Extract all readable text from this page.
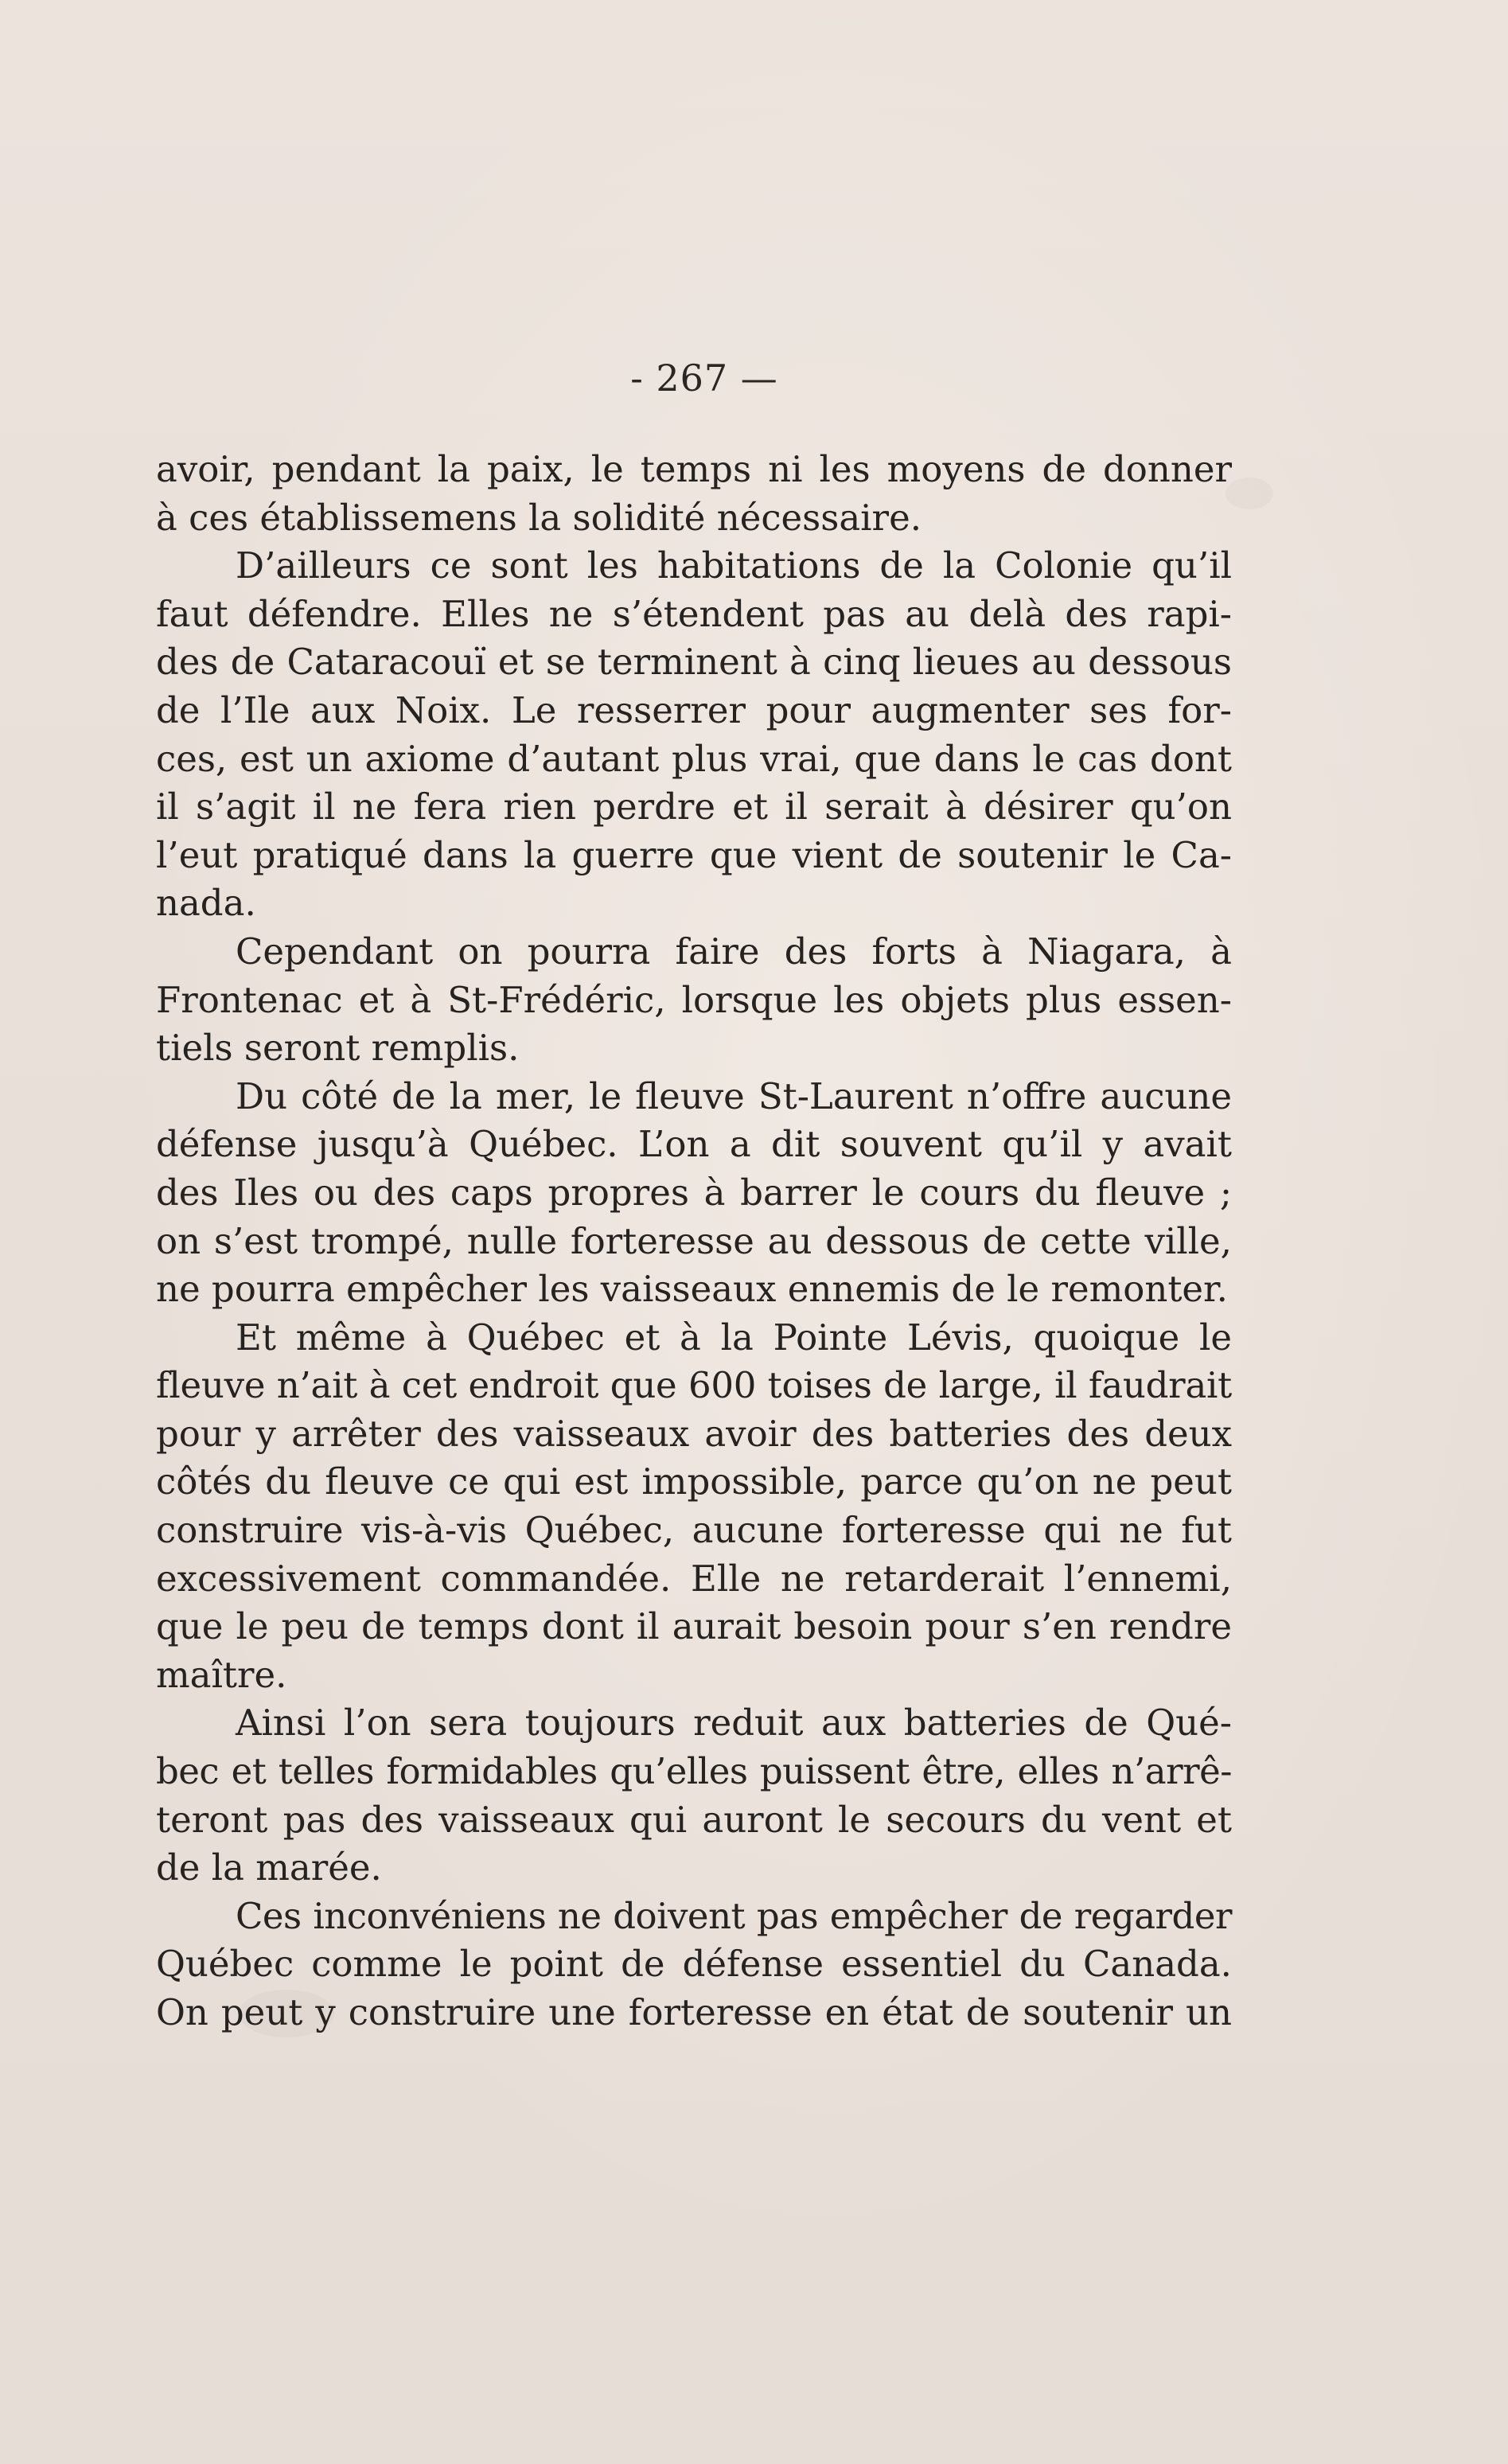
- 267 —
avoir, pendant la paix, le temps ni les moyens de donner
à ces établissemens la solidité nécessaire.
D’ailleurs ce sont les habitations de la Colonie qu’il
faut défendre. Elles ne s’étendent pas au delà des rapi-
des de Cataracouï et se terminent à cinq lieues au dessous
de l’Ile aux Noix. Le resserrer pour augmenter ses for-
ces, est un axiome d’autant plus vrai, que dans le cas dont
il s’agit il ne fera rien perdre et il serait à désirer qu’on
l’eut pratiqué dans la guerre que vient de soutenir le Ca-
nada.
Cependant on pourra faire des forts à Niagara, à
Frontenac et à St-Frédéric, lorsque les objets plus essen-
tiels seront remplis.
Du côté de la mer, le fleuve St-Laurent n’offre aucune
défense jusqu’à Québec. L’on a dit souvent qu’il y avait
des Iles ou des caps propres à barrer le cours du fleuve ;
on s’est trompé, nulle forteresse au dessous de cette ville,
ne pourra empêcher les vaisseaux ennemis de le remonter.
Et même à Québec et à la Pointe Lévis, quoique le
fleuve n’ait à cet endroit que 600 toises de large, il faudrait
pour y arrêter des vaisseaux avoir des batteries des deux
côtés du fleuve ce qui est impossible, parce qu’on ne peut
construire vis-à-vis Québec, aucune forteresse qui ne fut
excessivement commandée. Elle ne retarderait l’ennemi,
que le peu de temps dont il aurait besoin pour s’en rendre
maître.
Ainsi l’on sera toujours reduit aux batteries de Qué-
bec et telles formidables qu’elles puissent être, elles n’arrê-
teront pas des vaisseaux qui auront le secours du vent et
de la marée.
Ces inconvéniens ne doivent pas empêcher de regarder
Québec comme le point de défense essentiel du Canada.
On peut y construire une forteresse en état de soutenir un
